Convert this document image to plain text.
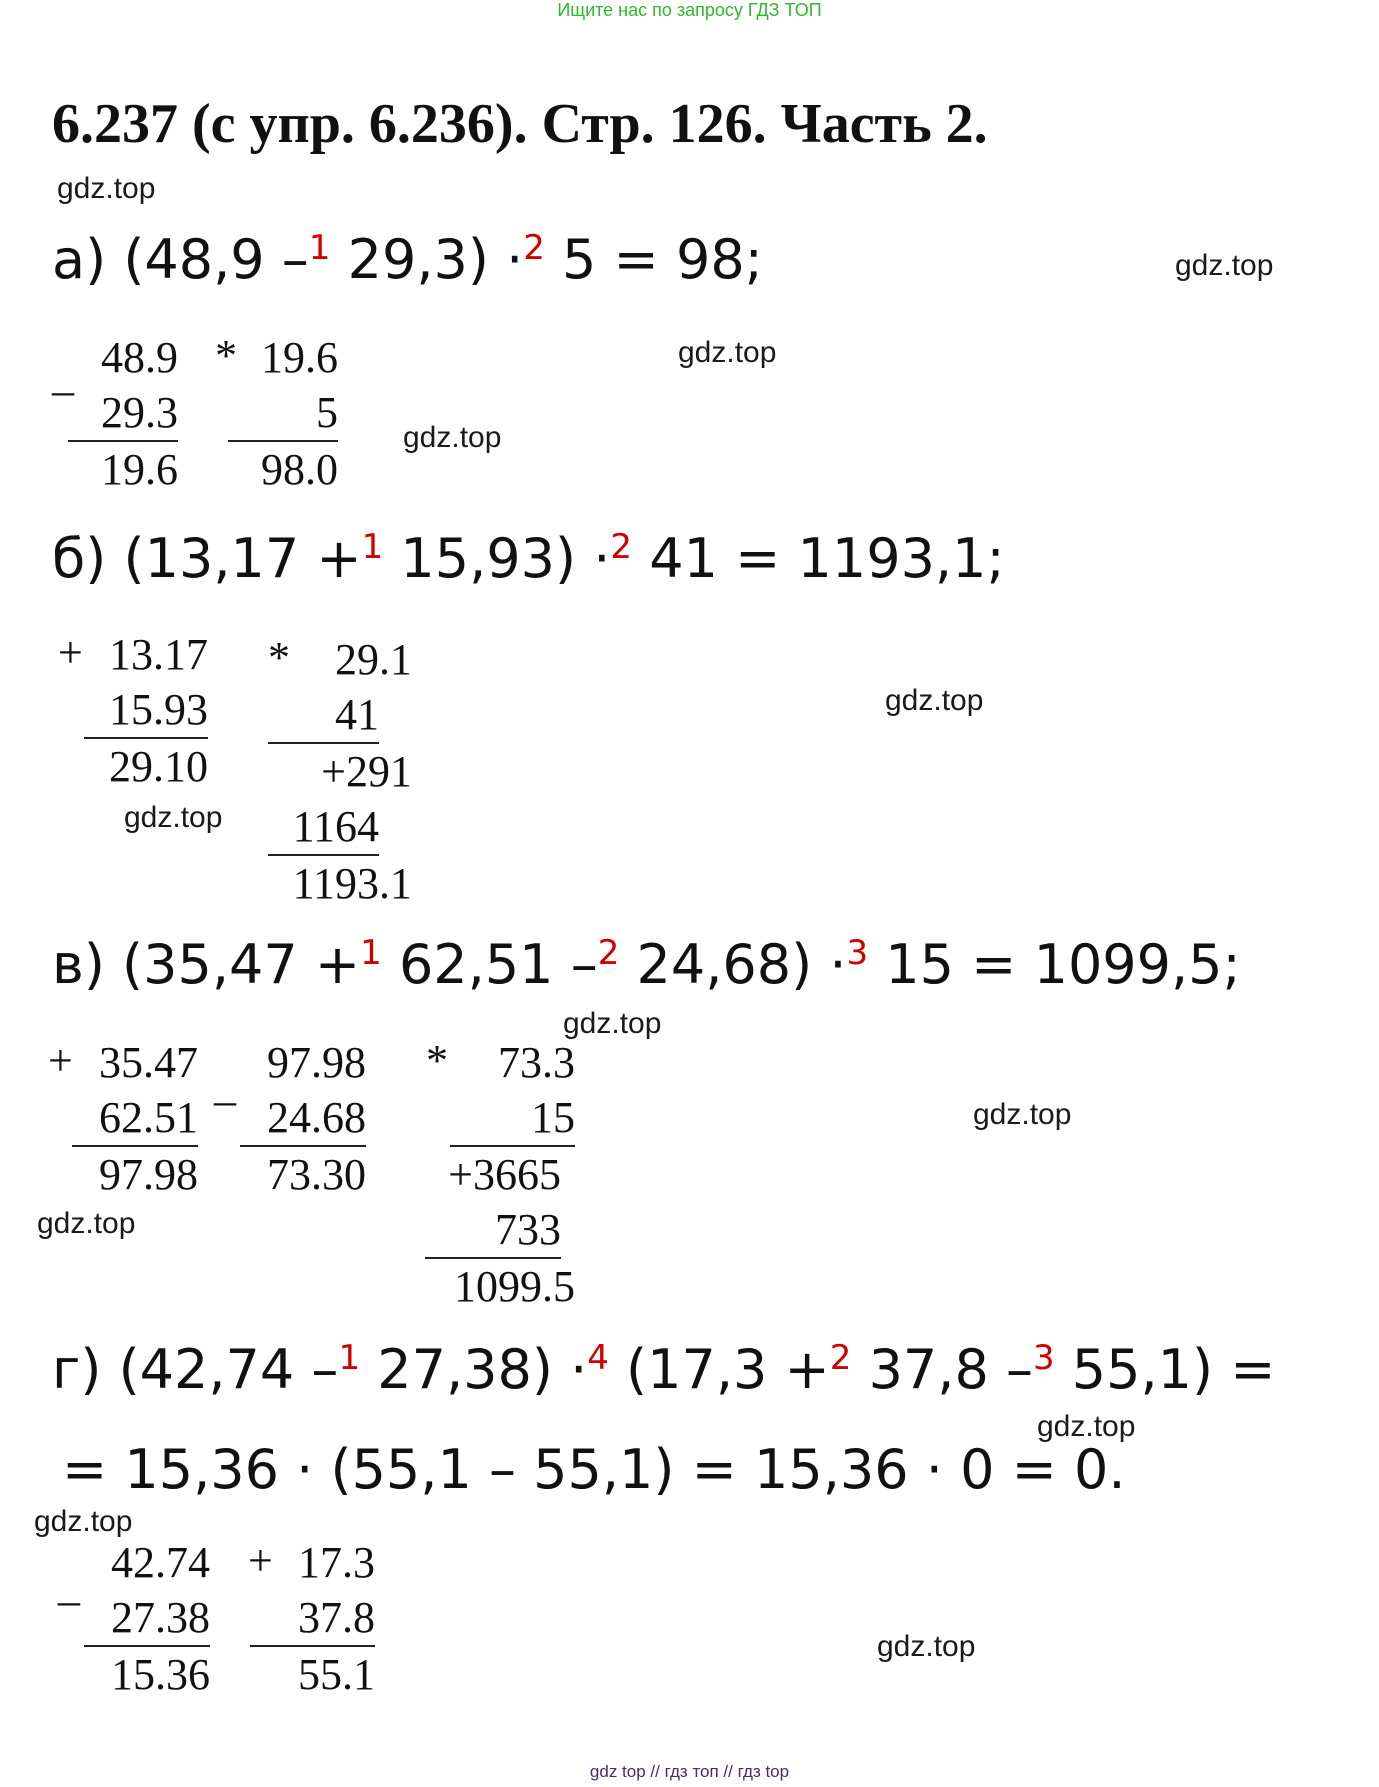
Ищите нас по запросу ГДЗ ТОП
6.237 (с упр. 6.236). Стр. 126. Часть 2.
gdz.top
gdz.top
gdz.top
gdz.top
gdz.top
gdz.top
gdz.top
gdz.top
gdz.top
gdz.top
gdz.top
gdz.top
а) (48,9 –$^1$ 29,3) ·$^2$ 5 = 98;
_ 48.9
29.3
19.6
* 19.6
5
98.0
б) (13,17 +$^1$ 15,93) ·$^2$ 41 = 1193,1;
+ 13.17
15.93
29.10
*	29.1
41
+291
1164
1193.1
в) (35,47 +$^1$ 62,51 –$^2$ 24,68) ·$^3$ 15 = 1099,5;
+ 35.47
62.51
97.98
_ 97.98
24.68
73.30
*	73.3
15
+3665
733
1099.5
г) (42,74 –$^1$ 27,38) ·$^4$ (17,3 +$^2$ 37,8 –$^3$ 55,1) =
= 15,36 · (55,1 – 55,1) = 15,36 · 0 = 0.
_ 42.74
27.38
15.36
+ 17.3
37.8
55.1
gdz top // гдз топ // гдз top
